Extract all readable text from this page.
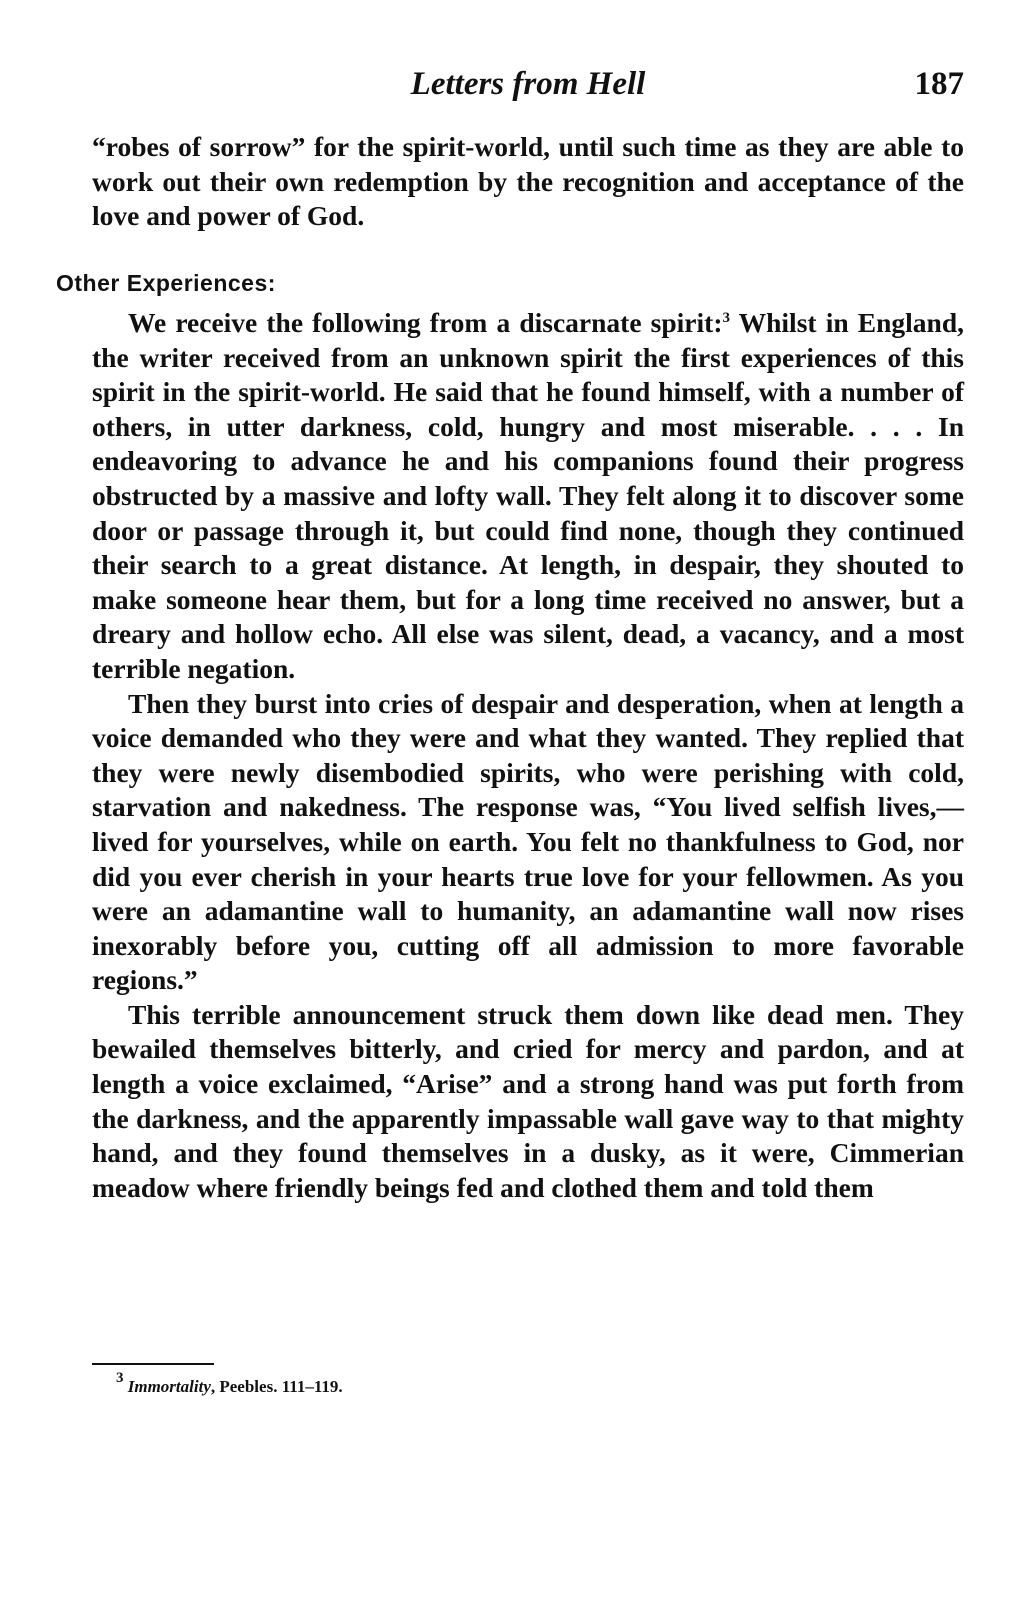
Letters from Hell	187

“robes of sorrow” for the spirit-world, until such time as they are able to work out their own redemption by the recognition and acceptance of the love and power of God.

Other Experiences:

We receive the following from a discarnate spirit:$^3$ Whilst in England, the writer received from an unknown spirit the first experiences of this spirit in the spirit-world. He said that he found himself, with a number of others, in utter darkness, cold, hungry and most miserable. . . . In endeavoring to advance he and his companions found their progress obstructed by a massive and lofty wall. They felt along it to discover some door or passage through it, but could find none, though they continued their search to a great distance. At length, in despair, they shouted to make someone hear them, but for a long time received no answer, but a dreary and hollow echo. All else was silent, dead, a vacancy, and a most terrible negation.

Then they burst into cries of despair and desperation, when at length a voice demanded who they were and what they wanted. They replied that they were newly disembodied spirits, who were perishing with cold, starvation and nakedness. The response was, “You lived selfish lives,—lived for yourselves, while on earth. You felt no thankfulness to God, nor did you ever cherish in your hearts true love for your fellowmen. As you were an adamantine wall to humanity, an adamantine wall now rises inexorably before you, cutting off all admission to more favorable regions.”

This terrible announcement struck them down like dead men. They bewailed themselves bitterly, and cried for mercy and pardon, and at length a voice exclaimed, “Arise” and a strong hand was put forth from the darkness, and the apparently impassable wall gave way to that mighty hand, and they found themselves in a dusky, as it were, Cimmerian meadow where friendly beings fed and clothed them and told them

$^3$ Immortality, Peebles. 111–119.
